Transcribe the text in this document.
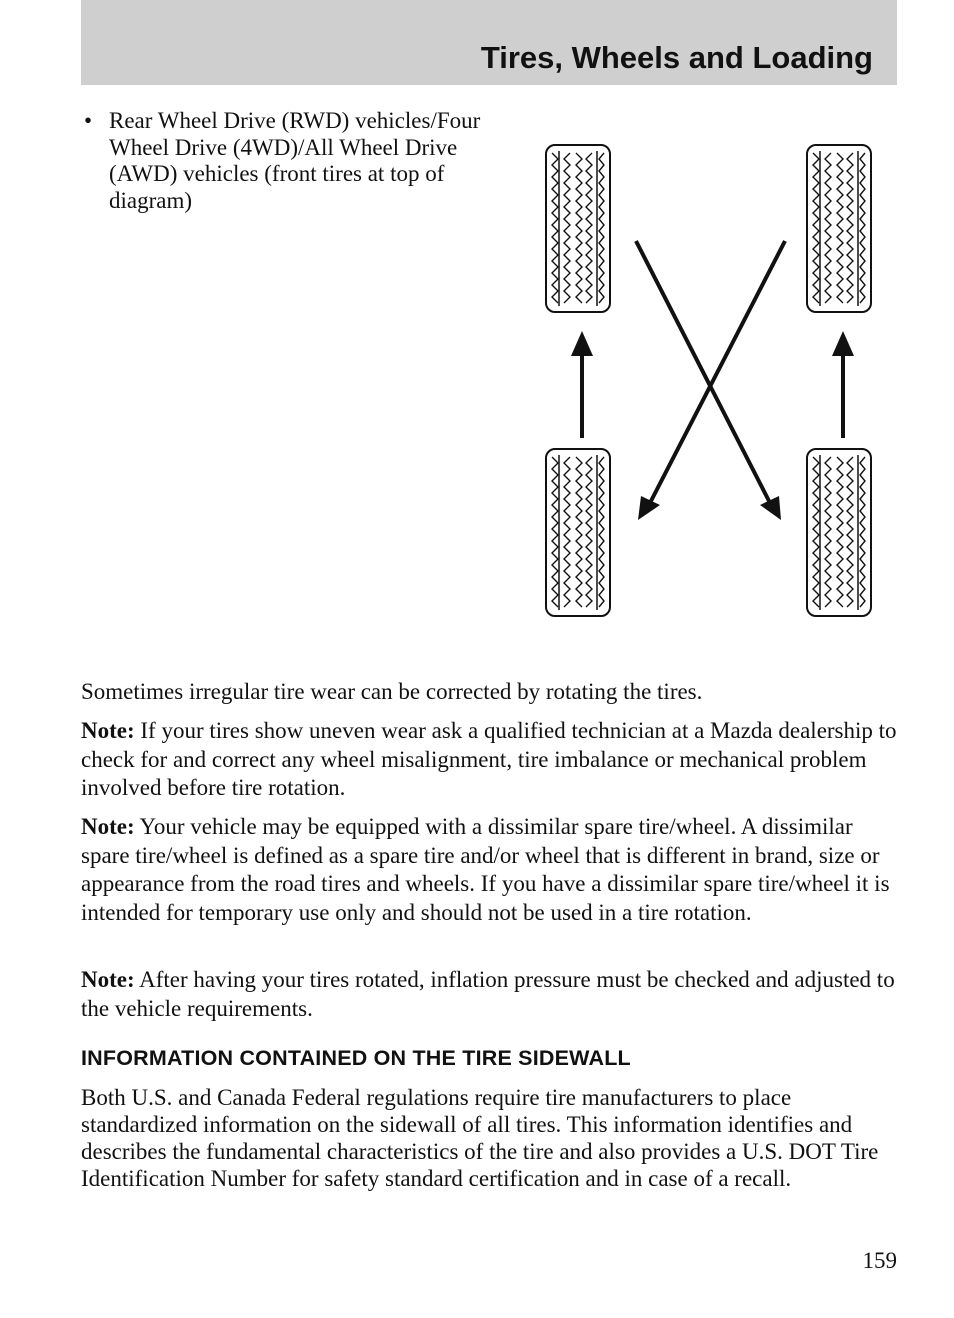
Tires, Wheels and Loading
• Rear Wheel Drive (RWD) vehicles/Four Wheel Drive (4WD)/All Wheel Drive (AWD) vehicles (front tires at top of diagram)

Sometimes irregular tire wear can be corrected by rotating the tires.

Note: If your tires show uneven wear ask a qualified technician at a Mazda dealership to check for and correct any wheel misalignment, tire imbalance or mechanical problem involved before tire rotation.

Note: Your vehicle may be equipped with a dissimilar spare tire/wheel. A dissimilar spare tire/wheel is defined as a spare tire and/or wheel that is different in brand, size or appearance from the road tires and wheels. If you have a dissimilar spare tire/wheel it is intended for temporary use only and should not be used in a tire rotation.

Note: After having your tires rotated, inflation pressure must be checked and adjusted to the vehicle requirements.

INFORMATION CONTAINED ON THE TIRE SIDEWALL

Both U.S. and Canada Federal regulations require tire manufacturers to place standardized information on the sidewall of all tires. This information identifies and describes the fundamental characteristics of the tire and also provides a U.S. DOT Tire Identification Number for safety standard certification and in case of a recall.

159
